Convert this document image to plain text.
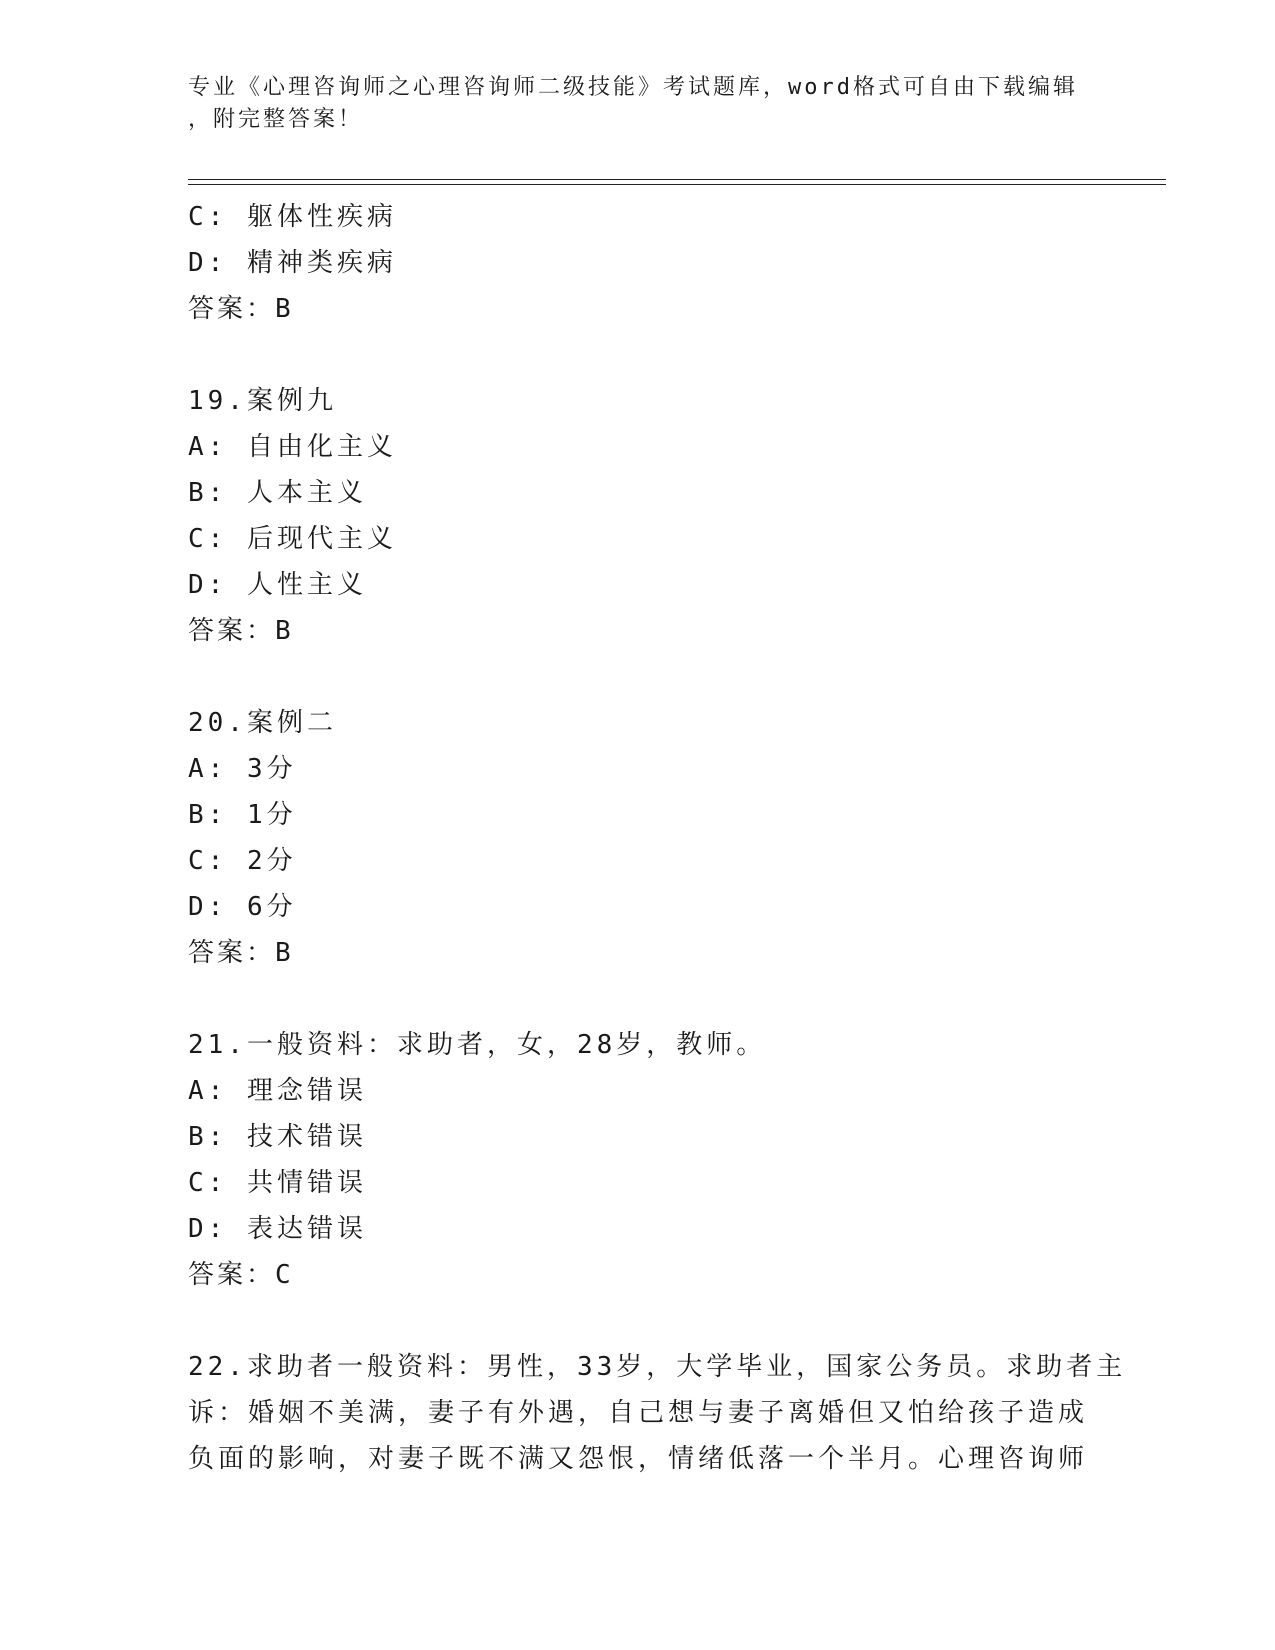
专业《心理咨询师之心理咨询师二级技能》考试题库，word格式可自由下载编辑
，附完整答案！
C: 躯体性疾病
D: 精神类疾病
答案：B
19.案例九
A: 自由化主义
B: 人本主义
C: 后现代主义
D: 人性主义
答案：B
20.案例二
A: 3分
B: 1分
C: 2分
D: 6分
答案：B
21.一般资料：求助者，女，28岁，教师。
A: 理念错误
B: 技术错误
C: 共情错误
D: 表达错误
答案：C
22.求助者一般资料：男性，33岁，大学毕业，国家公务员。求助者主
诉：婚姻不美满，妻子有外遇，自己想与妻子离婚但又怕给孩子造成
负面的影响，对妻子既不满又怨恨，情绪低落一个半月。心理咨询师
